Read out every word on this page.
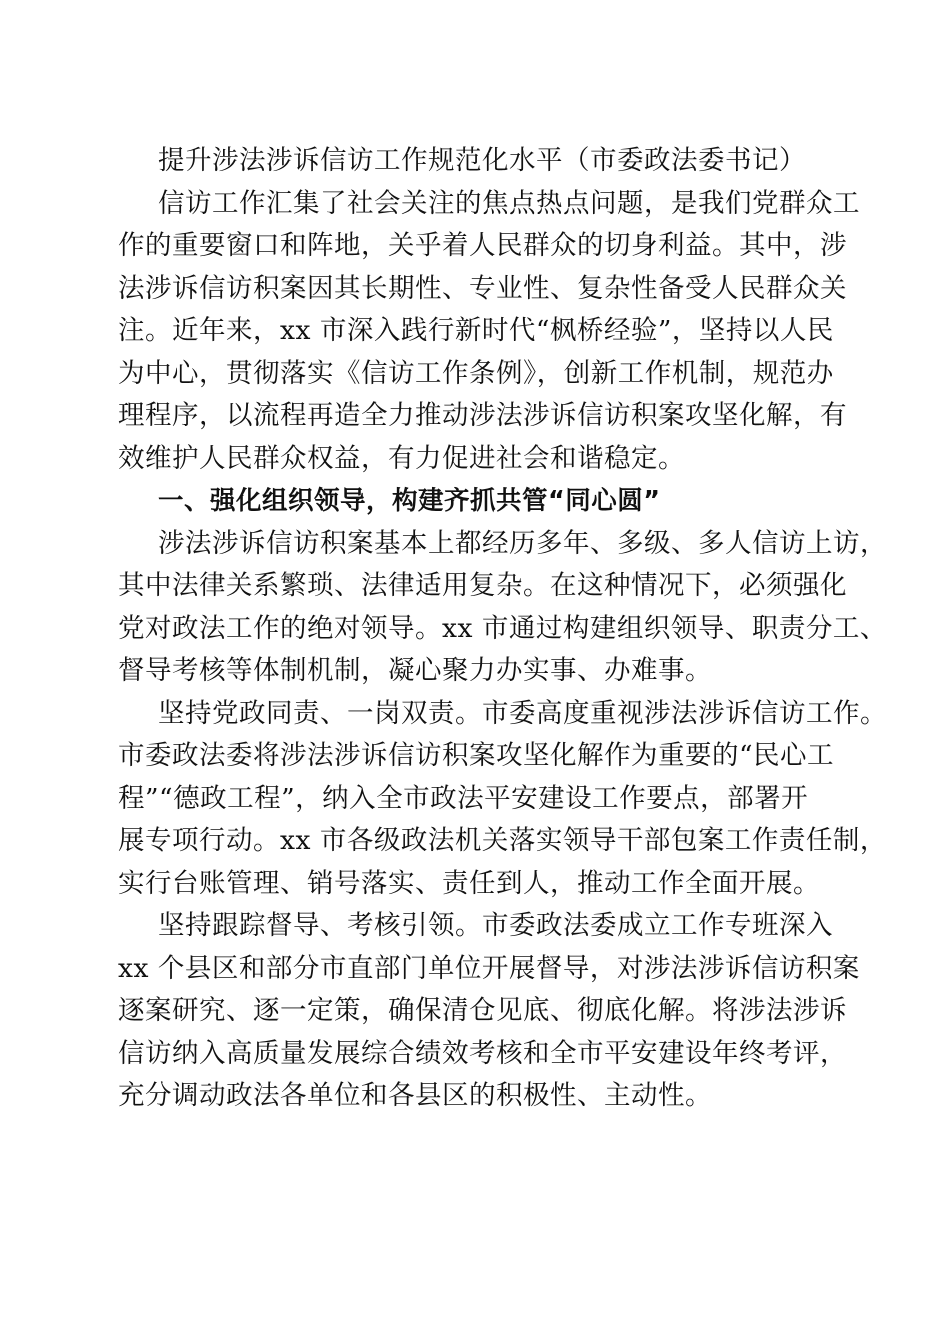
提升涉法涉诉信访工作规范化水平（市委政法委书记）

信访工作汇集了社会关注的焦点热点问题，是我们党群众工
作的重要窗口和阵地，关乎着人民群众的切身利益。其中，涉
法涉诉信访积案因其长期性、专业性、复杂性备受人民群众关
注。近年来，xx 市深入践行新时代“枫桥经验”，坚持以人民
为中心，贯彻落实《信访工作条例》，创新工作机制，规范办
理程序，以流程再造全力推动涉法涉诉信访积案攻坚化解，有
效维护人民群众权益，有力促进社会和谐稳定。

一、强化组织领导，构建齐抓共管“同心圆”

涉法涉诉信访积案基本上都经历多年、多级、多人信访上访，
其中法律关系繁琐、法律适用复杂。在这种情况下，必须强化
党对政法工作的绝对领导。xx 市通过构建组织领导、职责分工、
督导考核等体制机制，凝心聚力办实事、办难事。

坚持党政同责、一岗双责。市委高度重视涉法涉诉信访工作。
市委政法委将涉法涉诉信访积案攻坚化解作为重要的“民心工
程”“德政工程”，纳入全市政法平安建设工作要点，部署开
展专项行动。xx 市各级政法机关落实领导干部包案工作责任制，
实行台账管理、销号落实、责任到人，推动工作全面开展。

坚持跟踪督导、考核引领。市委政法委成立工作专班深入
xx 个县区和部分市直部门单位开展督导，对涉法涉诉信访积案
逐案研究、逐一定策，确保清仓见底、彻底化解。将涉法涉诉
信访纳入高质量发展综合绩效考核和全市平安建设年终考评，
充分调动政法各单位和各县区的积极性、主动性。
